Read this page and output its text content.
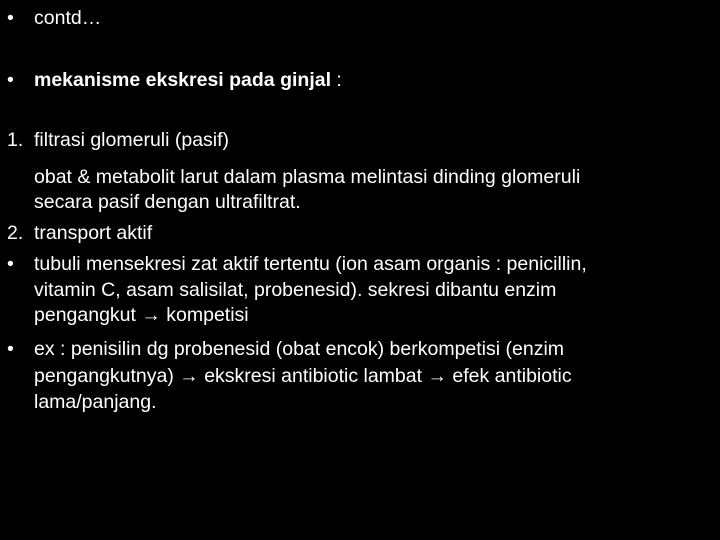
• contd…
• mekanisme ekskresi pada ginjal :
1. filtrasi glomeruli (pasif)
obat & metabolit larut dalam plasma melintasi dinding glomeruli
secara pasif dengan ultrafiltrat.
2. transport aktif
• tubuli mensekresi zat aktif tertentu (ion asam organis : penicillin,
vitamin C, asam salisilat, probenesid). sekresi dibantu enzim
pengangkut → kompetisi
• ex : penisilin dg probenesid (obat encok) berkompetisi (enzim
pengangkutnya) → ekskresi antibiotic lambat → efek antibiotic
lama/panjang.
